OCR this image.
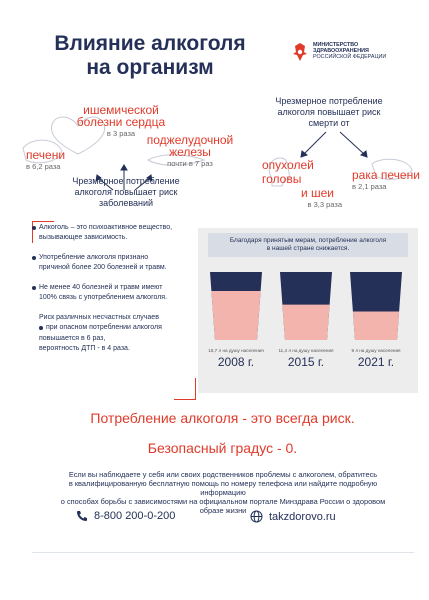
Влияние алкоголя
на организм
МИНИСТЕРСТВО
ЗДРАВООХРАНЕНИЯ
РОССИЙСКОЙ ФЕДЕРАЦИИ
ишемической
болезни сердца
в 3 раза
печени
в 6,2 раза
поджелудочной
железы
почти в 7 раз
Чрезмерное потребление
алкоголя повышает риск
заболеваний
Чрезмерное потребление
алкоголя повышает риск
смерти от
опухолей головы
и шеи
в 3,3 раза
рака печени
в 2,1 раза

Алкоголь – это психоактивное вещество,
вызывающее зависимость.

Употребление алкоголя признано
причиной более 200 болезней и травм.

Не менее 40 болезней и травм имеют
100% связь с употреблением алкоголя.

Риск различных несчастных случаев

при опасном потреблении алкоголя

повышается в 6 раз,
вероятность ДТП - в 4 раза.

Благодаря принятым мерам, потребление алкоголя
в нашей стране снижается.
15,7 л на душу населения
2008 г.
11,4 л на душу населения
2015 г.
9 л на душу населения
2021 г.
Потребление алкоголя - это всегда риск.
Безопасный градус - 0.
Если вы наблюдаете у себя или своих родственников проблемы с алкоголем, обратитесь
в квалифицированную бесплатную помощь по номеру телефона или найдите подробную информацию
о способах борьбы с зависимостями на официальном портале Минздрава России о здоровом образе жизни
8-800 200-0-200	takzdorovo.ru
